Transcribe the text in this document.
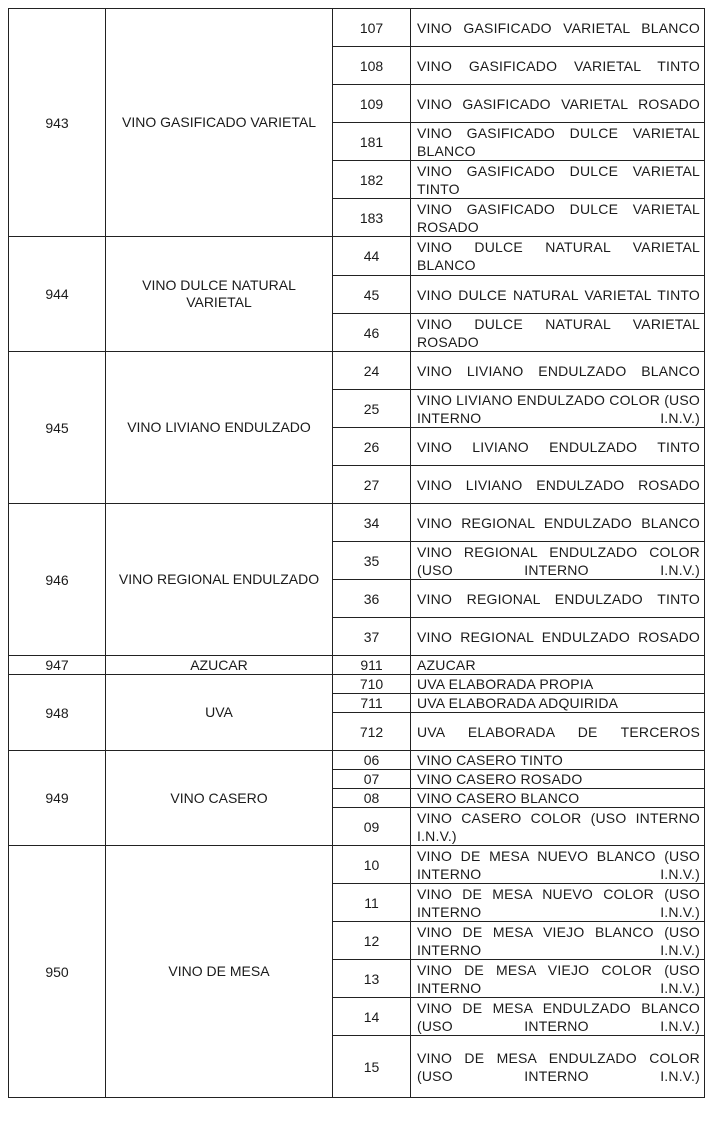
943	VINO GASIFICADO VARIETAL	107	VINO GASIFICADO VARIETAL BLANCO
		108	VINO GASIFICADO VARIETAL TINTO
		109	VINO GASIFICADO VARIETAL ROSADO
		181	VINO GASIFICADO DULCE VARIETAL BLANCO
		182	VINO GASIFICADO DULCE VARIETAL TINTO
		183	VINO GASIFICADO DULCE VARIETAL ROSADO
944	VINO DULCE NATURAL VARIETAL	44	VINO DULCE NATURAL VARIETAL BLANCO
		45	VINO DULCE NATURAL VARIETAL TINTO
		46	VINO DULCE NATURAL VARIETAL ROSADO
945	VINO LIVIANO ENDULZADO	24	VINO LIVIANO ENDULZADO BLANCO
		25	VINO LIVIANO ENDULZADO COLOR (USO INTERNO I.N.V.)
		26	VINO LIVIANO ENDULZADO TINTO
		27	VINO LIVIANO ENDULZADO ROSADO
946	VINO REGIONAL ENDULZADO	34	VINO REGIONAL ENDULZADO BLANCO
		35	VINO REGIONAL ENDULZADO COLOR (USO INTERNO I.N.V.)
		36	VINO REGIONAL ENDULZADO TINTO
		37	VINO REGIONAL ENDULZADO ROSADO
947	AZUCAR	911	AZUCAR
948	UVA	710	UVA ELABORADA PROPIA
		711	UVA ELABORADA ADQUIRIDA
		712	UVA ELABORADA DE TERCEROS
949	VINO CASERO	06	VINO CASERO TINTO
		07	VINO CASERO ROSADO
		08	VINO CASERO BLANCO
		09	VINO CASERO COLOR (USO INTERNO I.N.V.)
950	VINO DE MESA	10	VINO DE MESA NUEVO BLANCO (USO INTERNO I.N.V.)
		11	VINO DE MESA NUEVO COLOR (USO INTERNO I.N.V.)
		12	VINO DE MESA VIEJO BLANCO (USO INTERNO I.N.V.)
		13	VINO DE MESA VIEJO COLOR (USO INTERNO I.N.V.)
		14	VINO DE MESA ENDULZADO BLANCO (USO INTERNO I.N.V.)
		15	VINO DE MESA ENDULZADO COLOR (USO INTERNO I.N.V.)
